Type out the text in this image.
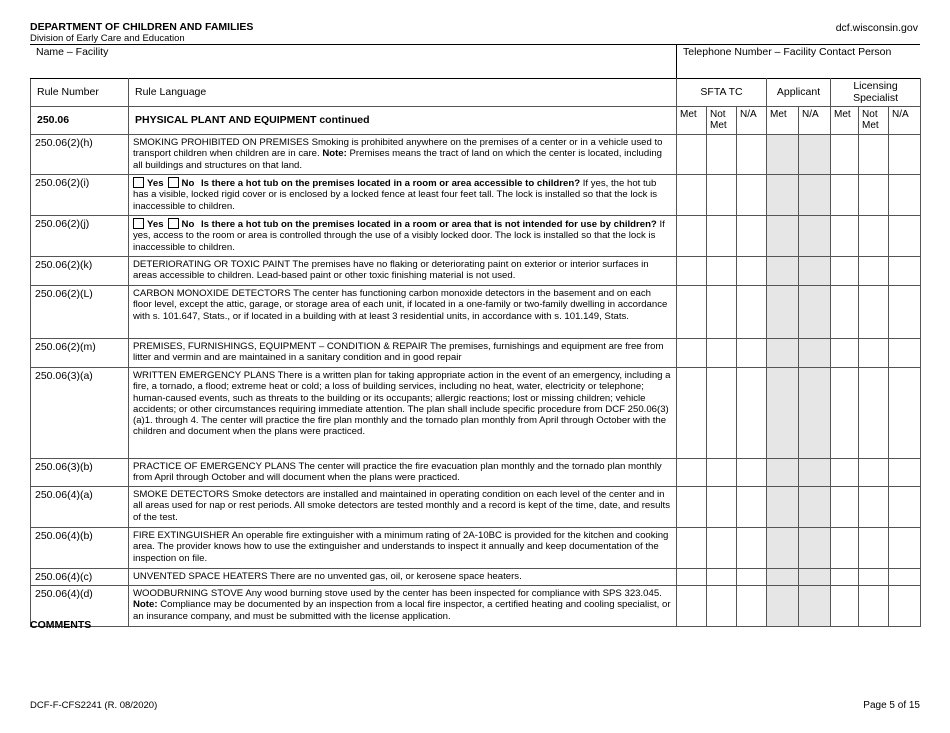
DEPARTMENT OF CHILDREN AND FAMILIES
Division of Early Care and Education
dcf.wisconsin.gov
Name – Facility	Telephone Number – Facility Contact Person
Rule Number	Rule Language	SFTA TC			Applicant		Licensing Specialist		
250.06	PHYSICAL PLANT AND EQUIPMENT continued	Met	Not Met	N/A	Met	N/A	Met	Not Met	N/A
250.06(2)(h)	SMOKING PROHIBITED ON PREMISES Smoking is prohibited anywhere on the premises of a center or in a vehicle used to transport children when children are in care. Note: Premises means the tract of land on which the center is located, including all buildings and structures on that land.								
250.06(2)(i)	Yes No Is there a hot tub on the premises located in a room or area accessible to children? If yes, the hot tub has a visible, locked rigid cover or is enclosed by a locked fence at least four feet tall. The lock is installed so that the lock is inaccessible to children.								
250.06(2)(j)	Yes No Is there a hot tub on the premises located in a room or area that is not intended for use by children? If yes, access to the room or area is controlled through the use of a visibly locked door. The lock is installed so that the lock is inaccessible to children.								
250.06(2)(k)	DETERIORATING OR TOXIC PAINT The premises have no flaking or deteriorating paint on exterior or interior surfaces in areas accessible to children. Lead-based paint or other toxic finishing material is not used.								
250.06(2)(L)	CARBON MONOXIDE DETECTORS The center has functioning carbon monoxide detectors in the basement and on each floor level, except the attic, garage, or storage area of each unit, if located in a one-family or two-family dwelling in accordance with s. 101.647, Stats., or if located in a building with at least 3 residential units, in accordance with s. 101.149, Stats.								
250.06(2)(m)	PREMISES, FURNISHINGS, EQUIPMENT – CONDITION & REPAIR The premises, furnishings and equipment are free from litter and vermin and are maintained in a sanitary condition and in good repair								
250.06(3)(a)	WRITTEN EMERGENCY PLANS There is a written plan for taking appropriate action in the event of an emergency, including a fire, a tornado, a flood; extreme heat or cold; a loss of building services, including no heat, water, electricity or telephone; human-caused events, such as threats to the building or its occupants; allergic reactions; lost or missing children; vehicle accidents; or other circumstances requiring immediate attention. The plan shall include specific procedure from DCF 250.06(3)(a)1. through 4. The center will practice the fire plan monthly and the tornado plan monthly from April through October with the children and document when the plans were practiced.								
250.06(3)(b)	PRACTICE OF EMERGENCY PLANS The center will practice the fire evacuation plan monthly and the tornado plan monthly from April through October and will document when the plans were practiced.								
250.06(4)(a)	SMOKE DETECTORS Smoke detectors are installed and maintained in operating condition on each level of the center and in all areas used for nap or rest periods. All smoke detectors are tested monthly and a record is kept of the time, date, and results of the test.								
250.06(4)(b)	FIRE EXTINGUISHER An operable fire extinguisher with a minimum rating of 2A-10BC is provided for the kitchen and cooking area. The provider knows how to use the extinguisher and understands to inspect it annually and keep documentation of the inspection on file.								
250.06(4)(c)	UNVENTED SPACE HEATERS There are no unvented gas, oil, or kerosene space heaters.								
250.06(4)(d)	WOODBURNING STOVE Any wood burning stove used by the center has been inspected for compliance with SPS 323.045. Note: Compliance may be documented by an inspection from a local fire inspector, a certified heating and cooling specialist, or an insurance company, and must be submitted with the license application.								
COMMENTS
DCF-F-CFS2241 (R. 08/2020)	Page 5 of 15
